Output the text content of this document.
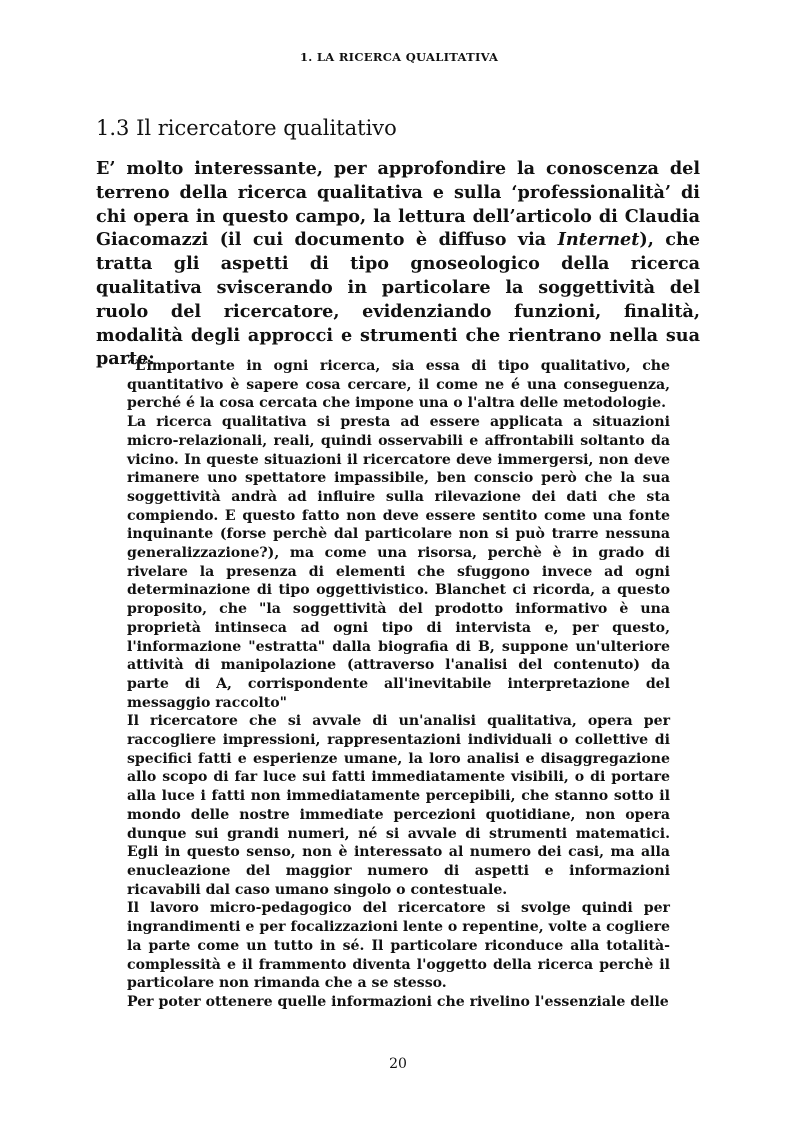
1. LA RICERCA QUALITATIVA
1.3 Il ricercatore qualitativo

E’ molto interessante, per approfondire la conoscenza del terreno della ricerca qualitativa e sulla ‘professionalità’ di chi opera in questo campo, la lettura dell’articolo di Claudia Giacomazzi (il cui documento è diffuso via Internet), che tratta gli aspetti di tipo gnoseologico della ricerca qualitativa sviscerando in particolare la soggettività del ruolo del ricercatore, evidenziando funzioni, finalità, modalità degli approcci e strumenti che rientrano nella sua parte:

“L’importante in ogni ricerca, sia essa di tipo qualitativo, che quantitativo è sapere cosa cercare, il come ne é una conseguenza, perché é la cosa cercata che impone una o l'altra delle metodologie.

La ricerca qualitativa si presta ad essere applicata a situazioni micro-relazionali, reali, quindi osservabili e affrontabili soltanto da vicino. In queste situazioni il ricercatore deve immergersi, non deve rimanere uno spettatore impassibile, ben conscio però che la sua soggettività andrà ad influire sulla rilevazione dei dati che sta compiendo. E questo fatto non deve essere sentito come una fonte inquinante (forse perchè dal particolare non si può trarre nessuna generalizzazione?), ma come una risorsa, perchè è in grado di rivelare la presenza di elementi che sfuggono invece ad ogni determinazione di tipo oggettivistico. Blanchet ci ricorda, a questo proposito, che "la soggettività del prodotto informativo è una proprietà intinseca ad ogni tipo di intervista e, per questo, l'informazione "estratta" dalla biografia di B, suppone un'ulteriore attività di manipolazione (attraverso l'analisi del contenuto) da parte di A, corrispondente all'inevitabile interpretazione del messaggio raccolto"

Il ricercatore che si avvale di un'analisi qualitativa, opera per raccogliere impressioni, rappresentazioni individuali o collettive di specifici fatti e esperienze umane, la loro analisi e disaggregazione allo scopo di far luce sui fatti immediatamente visibili, o di portare alla luce i fatti non immediatamente percepibili, che stanno sotto il mondo delle nostre immediate percezioni quotidiane, non opera dunque sui grandi numeri, né si avvale di strumenti matematici. Egli in questo senso, non è interessato al numero dei casi, ma alla enucleazione del maggior numero di aspetti e informazioni ricavabili dal caso umano singolo o contestuale.

Il lavoro micro-pedagogico del ricercatore si svolge quindi per ingrandimenti e per focalizzazioni lente o repentine, volte a cogliere la parte come un tutto in sé. Il particolare riconduce alla totalità-complessità e il frammento diventa l'oggetto della ricerca perchè il particolare non rimanda che a se stesso.

Per poter ottenere quelle informazioni che rivelino l'essenziale delle

20
